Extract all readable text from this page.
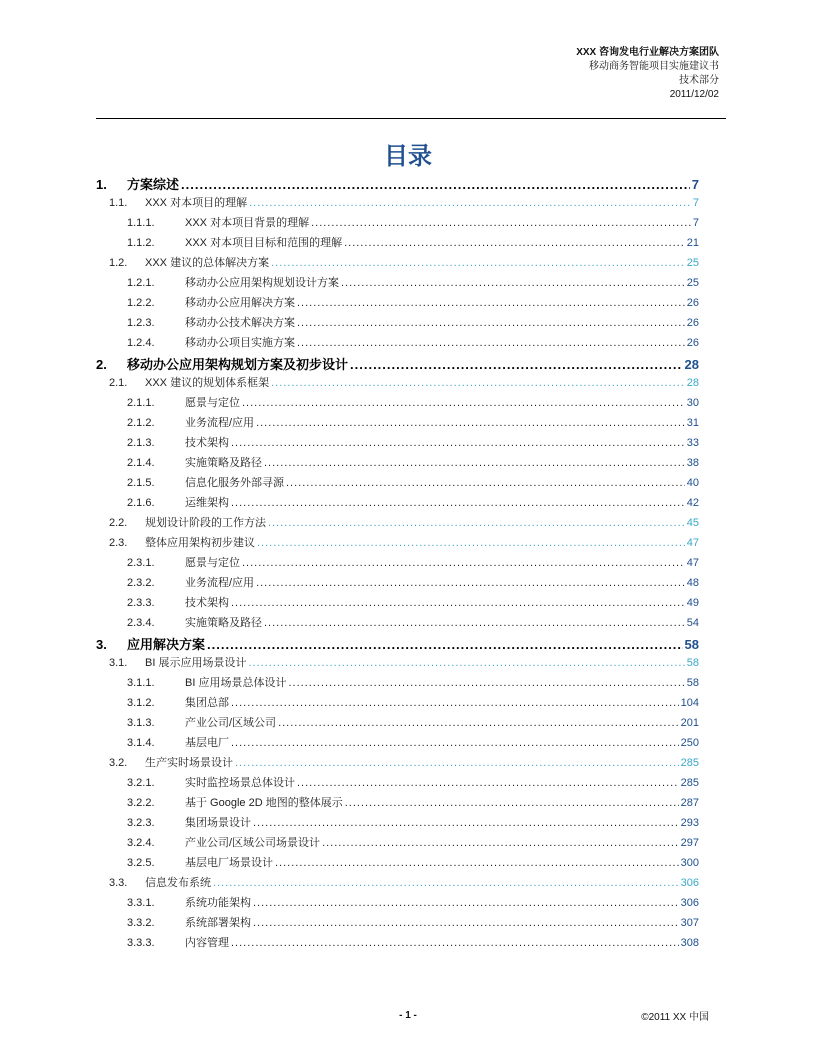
XXX 咨询发电行业解决方案团队
移动商务智能项目实施建议书
技术部分
2011/12/02
目录
1.	方案综述 .....	7
1.1.	XXX 对本项目的理解 .....	7
1.1.1.	XXX 对本项目背景的理解 .....	7
1.1.2.	XXX 对本项目目标和范围的理解 .....	21
1.2.	XXX 建议的总体解决方案 .....	25
1.2.1.	移动办公应用架构规划设计方案 .....	25
1.2.2.	移动办公应用解决方案 .....	26
1.2.3.	移动办公技术解决方案 .....	26
1.2.4.	移动办公项目实施方案 .....	26
2.	移动办公应用架构规划方案及初步设计 .....	28
2.1.	XXX 建议的规划体系框架 .....	28
2.1.1.	愿景与定位 .....	30
2.1.2.	业务流程/应用 .....	31
2.1.3.	技术架构 .....	33
2.1.4.	实施策略及路径 .....	38
2.1.5.	信息化服务外部寻源 .....	40
2.1.6.	运维架构 .....	42
2.2.	规划设计阶段的工作方法 .....	45
2.3.	整体应用架构初步建议 .....	47
2.3.1.	愿景与定位 .....	47
2.3.2.	业务流程/应用 .....	48
2.3.3.	技术架构 .....	49
2.3.4.	实施策略及路径 .....	54
3.	应用解决方案 .....	58
3.1.	BI 展示应用场景设计 .....	58
3.1.1.	BI 应用场景总体设计 .....	58
3.1.2.	集团总部 .....	104
3.1.3.	产业公司/区域公司 .....	201
3.1.4.	基层电厂 .....	250
3.2.	生产实时场景设计 .....	285
3.2.1.	实时监控场景总体设计 .....	285
3.2.2.	基于 Google 2D 地图的整体展示 .....	287
3.2.3.	集团场景设计 .....	293
3.2.4.	产业公司/区域公司场景设计 .....	297
3.2.5.	基层电厂场景设计 .....	300
3.3.	信息发布系统 .....	306
3.3.1.	系统功能架构 .....	306
3.3.2.	系统部署架构 .....	307
3.3.3.	内容管理 .....	308
- 1 -	©2011 XX 中国
